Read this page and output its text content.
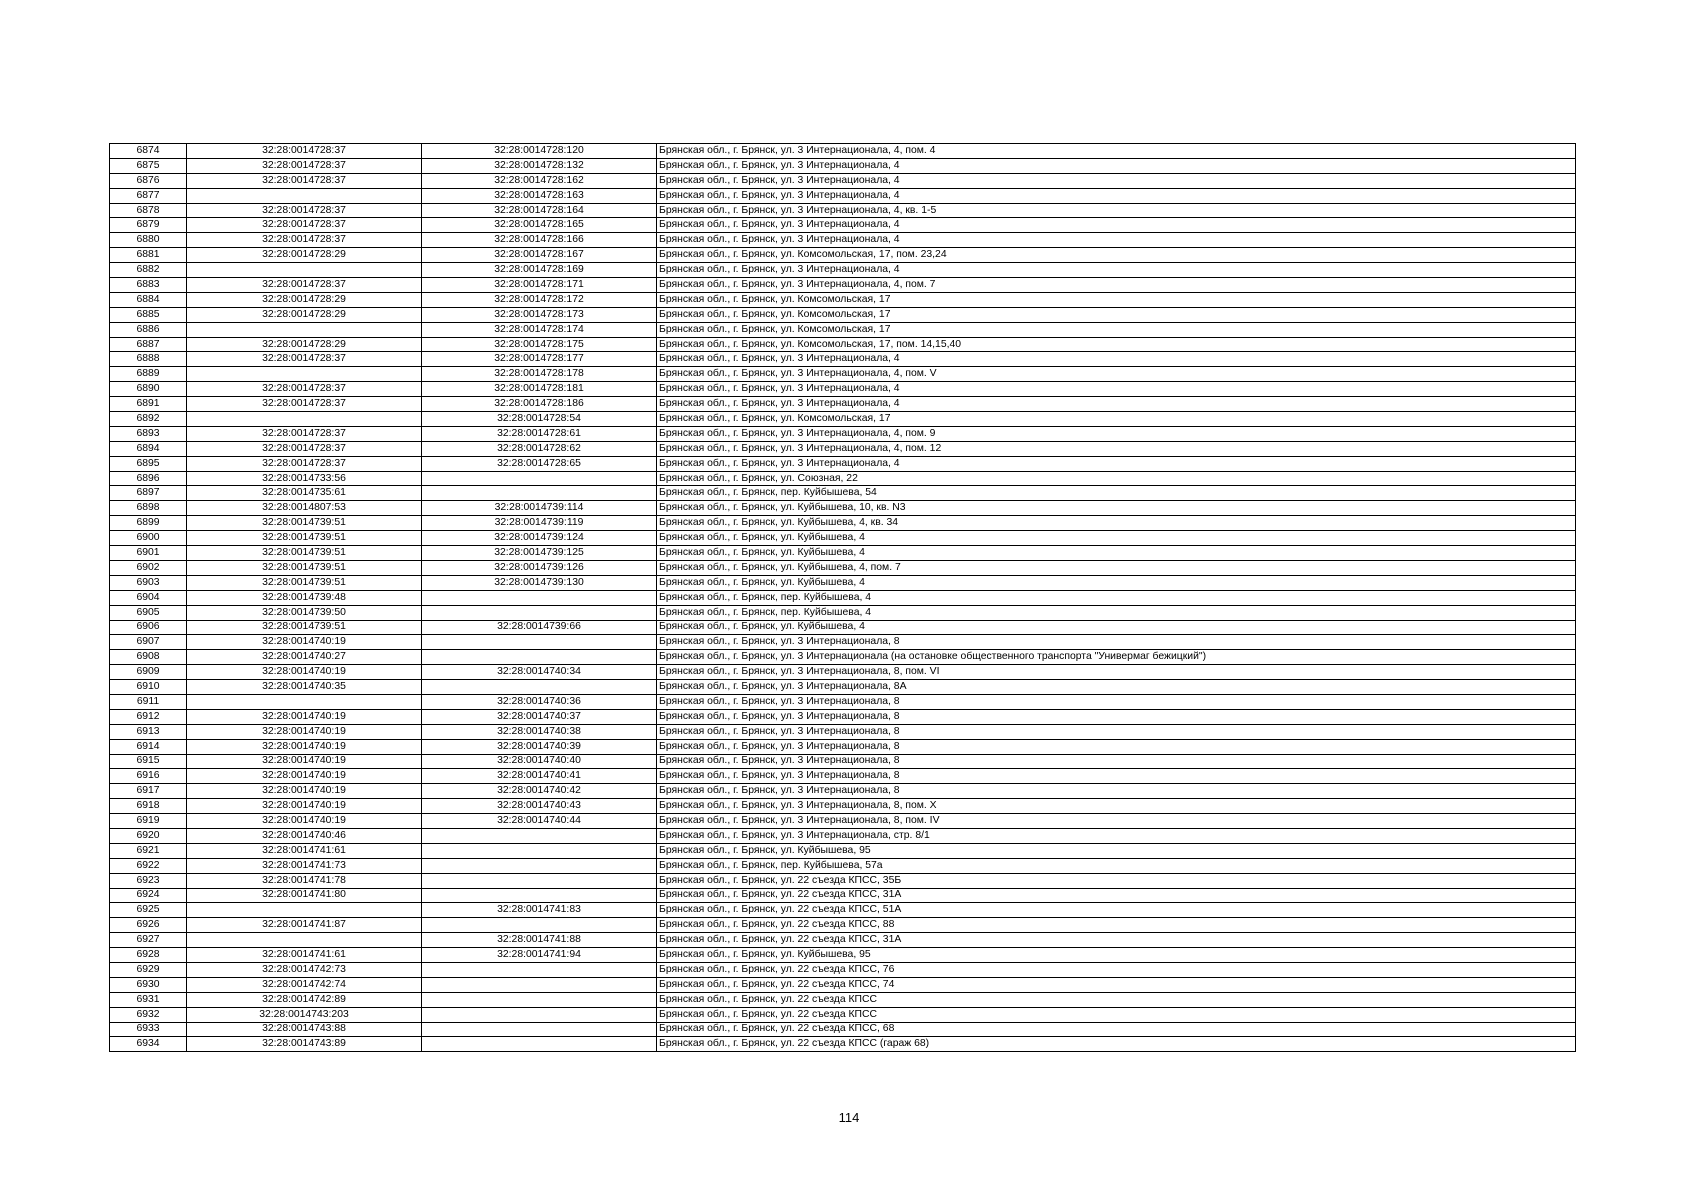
6874	32:28:0014728:37	32:28:0014728:120	Брянская обл., г. Брянск, ул. 3 Интернационала, 4, пом. 4
6875	32:28:0014728:37	32:28:0014728:132	Брянская обл., г. Брянск, ул. 3 Интернационала, 4
6876	32:28:0014728:37	32:28:0014728:162	Брянская обл., г. Брянск, ул. 3 Интернационала, 4
6877		32:28:0014728:163	Брянская обл., г. Брянск, ул. 3 Интернационала, 4
6878	32:28:0014728:37	32:28:0014728:164	Брянская обл., г. Брянск, ул. 3 Интернационала, 4, кв. 1-5
6879	32:28:0014728:37	32:28:0014728:165	Брянская обл., г. Брянск, ул. 3 Интернационала, 4
6880	32:28:0014728:37	32:28:0014728:166	Брянская обл., г. Брянск, ул. 3 Интернационала, 4
6881	32:28:0014728:29	32:28:0014728:167	Брянская обл., г. Брянск, ул. Комсомольская, 17, пом. 23,24
6882		32:28:0014728:169	Брянская обл., г. Брянск, ул. 3 Интернационала, 4
6883	32:28:0014728:37	32:28:0014728:171	Брянская обл., г. Брянск, ул. 3 Интернационала, 4, пом. 7
6884	32:28:0014728:29	32:28:0014728:172	Брянская обл., г. Брянск, ул. Комсомольская, 17
6885	32:28:0014728:29	32:28:0014728:173	Брянская обл., г. Брянск, ул. Комсомольская, 17
6886		32:28:0014728:174	Брянская обл., г. Брянск, ул. Комсомольская, 17
6887	32:28:0014728:29	32:28:0014728:175	Брянская обл., г. Брянск, ул. Комсомольская, 17, пом. 14,15,40
6888	32:28:0014728:37	32:28:0014728:177	Брянская обл., г. Брянск, ул. 3 Интернационала, 4
6889		32:28:0014728:178	Брянская обл., г. Брянск, ул. 3 Интернационала, 4, пом. V
6890	32:28:0014728:37	32:28:0014728:181	Брянская обл., г. Брянск, ул. 3 Интернационала, 4
6891	32:28:0014728:37	32:28:0014728:186	Брянская обл., г. Брянск, ул. 3 Интернационала, 4
6892		32:28:0014728:54	Брянская обл., г. Брянск, ул. Комсомольская, 17
6893	32:28:0014728:37	32:28:0014728:61	Брянская обл., г. Брянск, ул. 3 Интернационала, 4, пом. 9
6894	32:28:0014728:37	32:28:0014728:62	Брянская обл., г. Брянск, ул. 3 Интернационала, 4, пом. 12
6895	32:28:0014728:37	32:28:0014728:65	Брянская обл., г. Брянск, ул. 3 Интернационала, 4
6896	32:28:0014733:56		Брянская обл., г. Брянск, ул. Союзная, 22
6897	32:28:0014735:61		Брянская обл., г. Брянск, пер. Куйбышева, 54
6898	32:28:0014807:53	32:28:0014739:114	Брянская обл., г. Брянск, ул. Куйбышева, 10, кв. N3
6899	32:28:0014739:51	32:28:0014739:119	Брянская обл., г. Брянск, ул. Куйбышева, 4, кв. 34
6900	32:28:0014739:51	32:28:0014739:124	Брянская обл., г. Брянск, ул. Куйбышева, 4
6901	32:28:0014739:51	32:28:0014739:125	Брянская обл., г. Брянск, ул. Куйбышева, 4
6902	32:28:0014739:51	32:28:0014739:126	Брянская обл., г. Брянск, ул. Куйбышева, 4, пом. 7
6903	32:28:0014739:51	32:28:0014739:130	Брянская обл., г. Брянск, ул. Куйбышева, 4
6904	32:28:0014739:48		Брянская обл., г. Брянск, пер. Куйбышева, 4
6905	32:28:0014739:50		Брянская обл., г. Брянск, пер. Куйбышева, 4
6906	32:28:0014739:51	32:28:0014739:66	Брянская обл., г. Брянск, ул. Куйбышева, 4
6907	32:28:0014740:19		Брянская обл., г. Брянск, ул. 3 Интернационала, 8
6908	32:28:0014740:27		Брянская обл., г. Брянск, ул. 3 Интернационала (на остановке общественного транспорта "Универмаг бежицкий")
6909	32:28:0014740:19	32:28:0014740:34	Брянская обл., г. Брянск, ул. 3 Интернационала, 8, пом. VI
6910	32:28:0014740:35		Брянская обл., г. Брянск, ул. 3 Интернационала, 8А
6911		32:28:0014740:36	Брянская обл., г. Брянск, ул. 3 Интернационала, 8
6912	32:28:0014740:19	32:28:0014740:37	Брянская обл., г. Брянск, ул. 3 Интернационала, 8
6913	32:28:0014740:19	32:28:0014740:38	Брянская обл., г. Брянск, ул. 3 Интернационала, 8
6914	32:28:0014740:19	32:28:0014740:39	Брянская обл., г. Брянск, ул. 3 Интернационала, 8
6915	32:28:0014740:19	32:28:0014740:40	Брянская обл., г. Брянск, ул. 3 Интернационала, 8
6916	32:28:0014740:19	32:28:0014740:41	Брянская обл., г. Брянск, ул. 3 Интернационала, 8
6917	32:28:0014740:19	32:28:0014740:42	Брянская обл., г. Брянск, ул. 3 Интернационала, 8
6918	32:28:0014740:19	32:28:0014740:43	Брянская обл., г. Брянск, ул. 3 Интернационала, 8, пом. X
6919	32:28:0014740:19	32:28:0014740:44	Брянская обл., г. Брянск, ул. 3 Интернационала, 8, пом. IV
6920	32:28:0014740:46		Брянская обл., г. Брянск, ул. 3 Интернационала, стр. 8/1
6921	32:28:0014741:61		Брянская обл., г. Брянск, ул. Куйбышева, 95
6922	32:28:0014741:73		Брянская обл., г. Брянск, пер. Куйбышева, 57а
6923	32:28:0014741:78		Брянская обл., г. Брянск, ул. 22 съезда КПСС, 35Б
6924	32:28:0014741:80		Брянская обл., г. Брянск, ул. 22 съезда КПСС, 31А
6925		32:28:0014741:83	Брянская обл., г. Брянск, ул. 22 съезда КПСС, 51А
6926	32:28:0014741:87		Брянская обл., г. Брянск, ул. 22 съезда КПСС, 88
6927		32:28:0014741:88	Брянская обл., г. Брянск, ул. 22 съезда КПСС, 31А
6928	32:28:0014741:61	32:28:0014741:94	Брянская обл., г. Брянск, ул. Куйбышева, 95
6929	32:28:0014742:73		Брянская обл., г. Брянск, ул. 22 съезда КПСС, 76
6930	32:28:0014742:74		Брянская обл., г. Брянск, ул. 22 съезда КПСС, 74
6931	32:28:0014742:89		Брянская обл., г. Брянск, ул. 22 съезда КПСС
6932	32:28:0014743:203		Брянская обл., г. Брянск, ул. 22 съезда КПСС
6933	32:28:0014743:88		Брянская обл., г. Брянск, ул. 22 съезда КПСС, 68
6934	32:28:0014743:89		Брянская обл., г. Брянск, ул. 22 съезда КПСС (гараж 68)
114
